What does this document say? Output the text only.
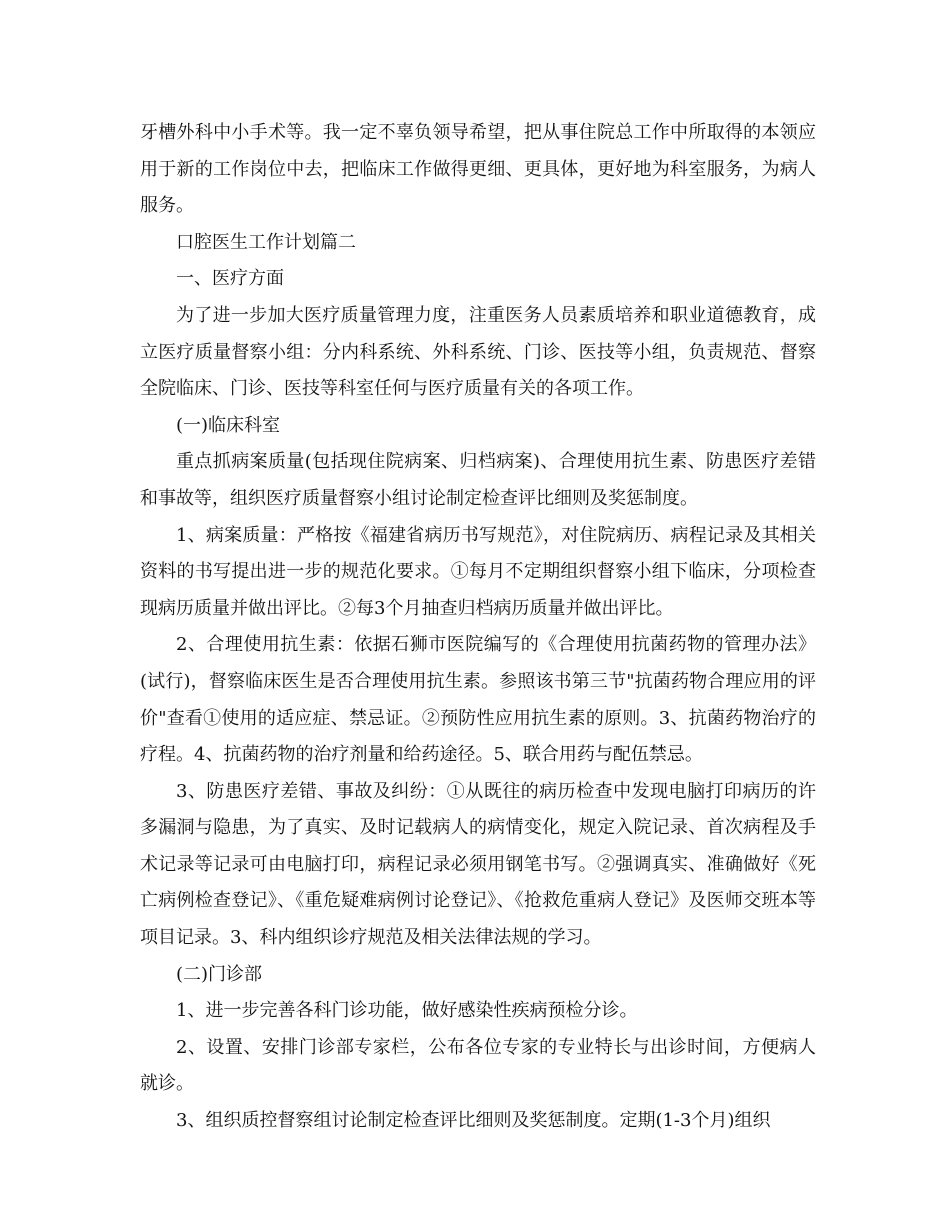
牙槽外科中小手术等。我一定不辜负领导希望，把从事住院总工作中所取得的本领应用于新的工作岗位中去，把临床工作做得更细、更具体，更好地为科室服务，为病人服务。

口腔医生工作计划篇二

一、医疗方面

为了进一步加大医疗质量管理力度，注重医务人员素质培养和职业道德教育，成立医疗质量督察小组：分内科系统、外科系统、门诊、医技等小组，负责规范、督察全院临床、门诊、医技等科室任何与医疗质量有关的各项工作。

(一)临床科室

重点抓病案质量(包括现住院病案、归档病案)、合理使用抗生素、防患医疗差错和事故等，组织医疗质量督察小组讨论制定检查评比细则及奖惩制度。

1、病案质量：严格按《福建省病历书写规范》，对住院病历、病程记录及其相关资料的书写提出进一步的规范化要求。①每月不定期组织督察小组下临床，分项检查现病历质量并做出评比。②每3个月抽查归档病历质量并做出评比。

2、合理使用抗生素：依据石狮市医院编写的《合理使用抗菌药物的管理办法》(试行)，督察临床医生是否合理使用抗生素。参照该书第三节"抗菌药物合理应用的评价"查看①使用的适应症、禁忌证。②预防性应用抗生素的原则。3、抗菌药物治疗的疗程。4、抗菌药物的治疗剂量和给药途径。5、联合用药与配伍禁忌。

3、防患医疗差错、事故及纠纷：①从既往的病历检查中发现电脑打印病历的许多漏洞与隐患，为了真实、及时记载病人的病情变化，规定入院记录、首次病程及手术记录等记录可由电脑打印，病程记录必须用钢笔书写。②强调真实、准确做好《死亡病例检查登记》、《重危疑难病例讨论登记》、《抢救危重病人登记》及医师交班本等项目记录。3、科内组织诊疗规范及相关法律法规的学习。

(二)门诊部

1、进一步完善各科门诊功能，做好感染性疾病预检分诊。

2、设置、安排门诊部专家栏，公布各位专家的专业特长与出诊时间，方便病人就诊。

3、组织质控督察组讨论制定检查评比细则及奖惩制度。定期(1-3个月)组织
